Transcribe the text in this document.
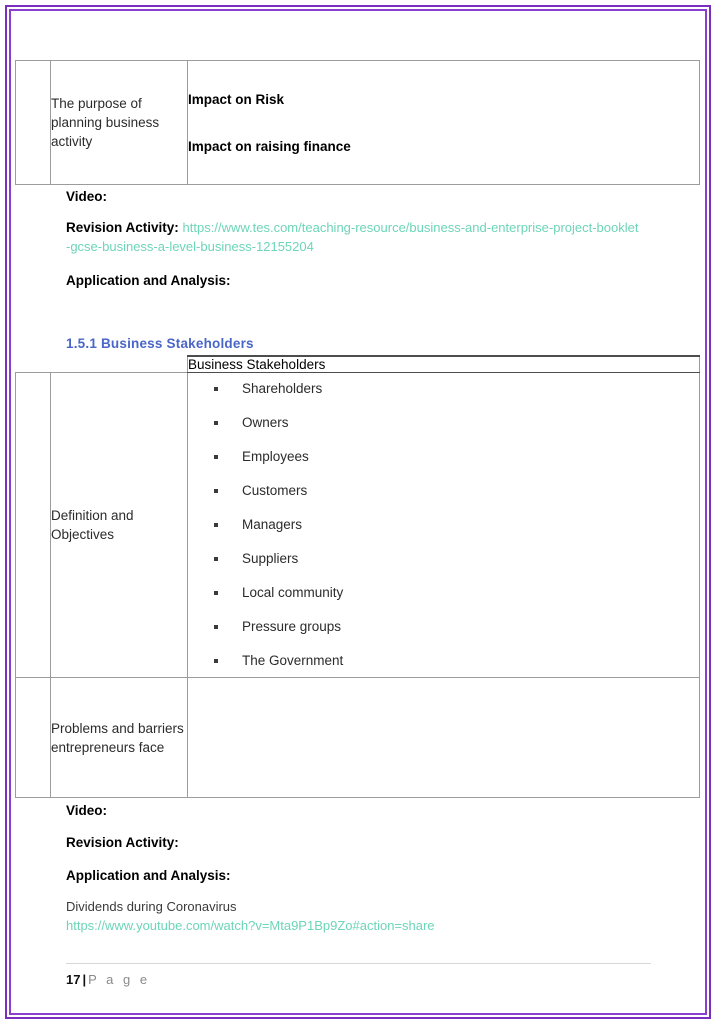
	The purpose of planning business activity	
Impact on Risk
Impact on raising finance
Video:
Revision Activity: https://www.tes.com/teaching-resource/business-and-enterprise-project-booklet-gcse-business-a-level-business-12155204
Application and Analysis:
1.5.1 Business Stakeholders
		Business Stakeholders
	Definition and Objectives	
Shareholders
Owners
Employees
Customers
Managers
Suppliers
Local community
Pressure groups
The Government

	Problems and barriers entrepreneurs face	
Video:
Revision Activity:
Application and Analysis:
Dividends during Coronavirus
https://www.youtube.com/watch?v=Mta9P1Bp9Zo#action=share
17 | P a g e
